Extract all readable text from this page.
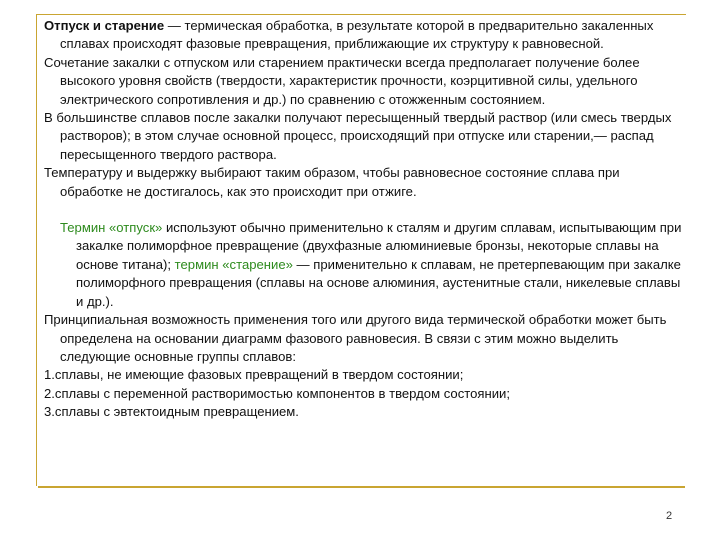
Отпуск и старение — термическая обработка, в результате которой в предварительно закаленных сплавах происходят фазовые превращения, приближающие их структуру к равновесной.

Сочетание закалки с отпуском или старением практически всегда предполагает получение более высокого уровня свойств (твердости, характеристик прочности, коэрцитивной силы, удельного электрического сопротивления и др.) по сравнению с отожженным состоянием.

В большинстве сплавов после закалки получают пересыщенный твердый раствор (или смесь твердых растворов); в этом случае основной процесс, происходящий при отпуске или старении,— распад пересыщенного твердого раствора.

Температуру и выдержку выбирают таким образом, чтобы равновесное состояние сплава при обработке не достигалось, как это происходит при отжиге.

Термин «отпуск» используют обычно применительно к сталям и другим сплавам, испытывающим при закалке полиморфное превращение (двухфазные алюминиевые бронзы, некоторые сплавы на основе титана); термин «старение» — применительно к сплавам, не претерпевающим при закалке полиморфного превращения (сплавы на основе алюминия, аустенитные стали, никелевые сплавы и др.).

Принципиальная возможность применения того или другого вида термической обработки может быть определена на основании диаграмм фазового равновесия. В связи с этим можно выделить следующие основные группы сплавов:

1.сплавы, не имеющие фазовых превращений в твердом состоянии;

2.сплавы с переменной растворимостью компонентов в твердом состоянии;

3.сплавы с эвтектоидным превращением.

2
